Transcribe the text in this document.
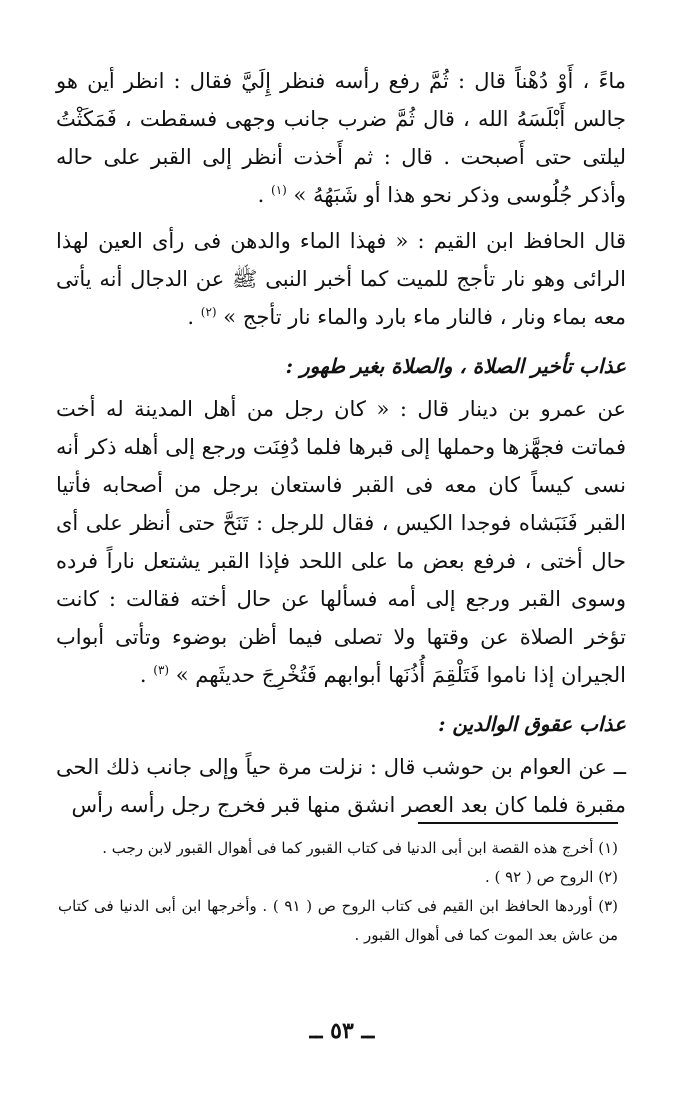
ماءً ، أَوْ دُهْناً قال : ثُمَّ رفع رأسه فنظر إِلَيَّ فقال : انظر أين هو جالس أَبْلَسَهُ الله ، قال ثُمَّ ضرب جانب وجهى فسقطت ، فَمَكَثْتُ ليلتى حتى أَصبحت . قال : ثم أَخذت أنظر إلى القبر على حاله وأذكر جُلُوسى وذكر نحو هذا أو شَبَهُهُ » $^{(١)}$ .

قال الحافظ ابن القيم : « فهذا الماء والدهن فى رأى العين لهذا الرائى وهو نار تأجج للميت كما أخبر النبى ﷺ عن الدجال أنه يأتى معه بماء ونار ، فالنار ماء بارد والماء نار تأجج » $^{(٢)}$ .

عذاب تأخير الصلاة ، والصلاة بغير طهور :

عن عمرو بن دينار قال : « كان رجل من أهل المدينة له أخت فماتت فجهَّزها وحملها إلى قبرها فلما دُفِنَت ورجع إلى أهله ذكر أنه نسى كيساً كان معه فى القبر فاستعان برجل من أصحابه فأتيا القبر فَنَبَشاه فوجدا الكيس ، فقال للرجل : تَنَحَّ حتى أنظر على أى حال أختى ، فرفع بعض ما على اللحد فإذا القبر يشتعل ناراً فرده وسوى القبر ورجع إلى أمه فسألها عن حال أخته فقالت : كانت تؤخر الصلاة عن وقتها ولا تصلى فيما أظن بوضوء وتأتى أبواب الجيران إذا ناموا فَتَلْقِمَ أُذُنَها أبوابهم فَتُخْرِجَ حديثَهم » $^{(٣)}$ .

عذاب عقوق الوالدين :

ــ عن العوام بن حوشب قال : نزلت مرة حياً وإلى جانب ذلك الحى مقبرة فلما كان بعد العصر انشق منها قبر فخرج رجل رأسه رأس

(١) أخرج هذه القصة ابن أبى الدنيا فى كتاب القبور كما فى أهوال القبور لابن رجب .

(٢) الروح ص ( ٩٢ ) .

(٣) أوردها الحافظ ابن القيم فى كتاب الروح ص ( ٩١ ) . وأخرجها ابن أبى الدنيا فى كتاب من عاش بعد الموت كما فى أهوال القبور .

ــ ٥٣ ــ
